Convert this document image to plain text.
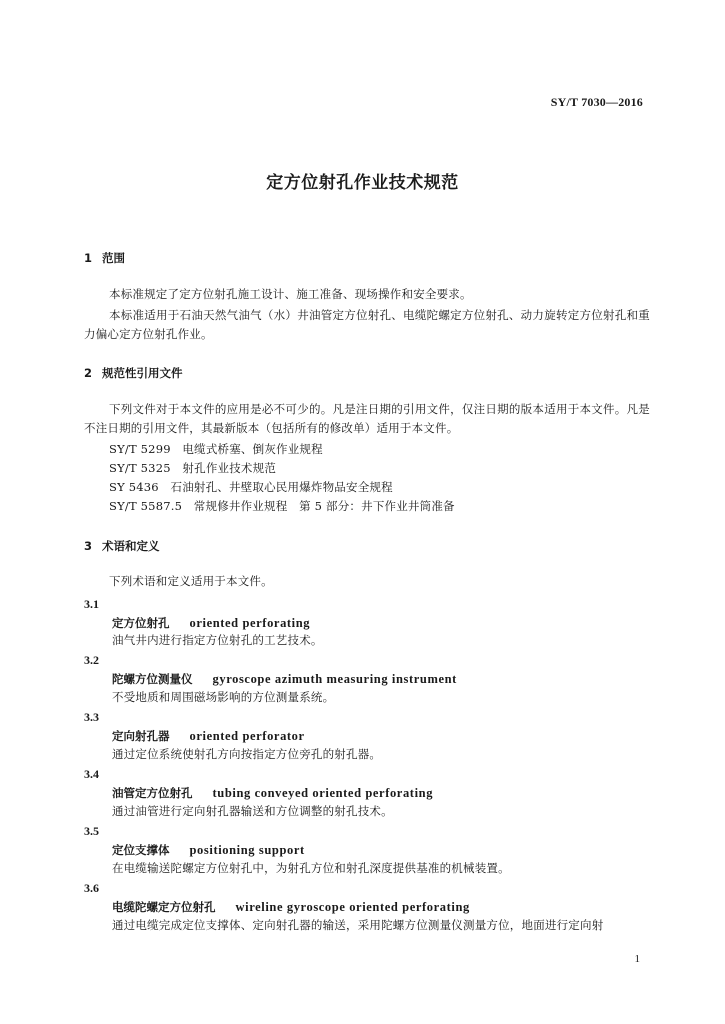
SY/T 7030—2016
定方位射孔作业技术规范
1 范围
本标准规定了定方位射孔施工设计、施工准备、现场操作和安全要求。
本标准适用于石油天然气油气（水）井油管定方位射孔、电缆陀螺定方位射孔、动力旋转定方位射孔和重力偏心定方位射孔作业。
2 规范性引用文件
下列文件对于本文件的应用是必不可少的。凡是注日期的引用文件，仅注日期的版本适用于本文件。凡是不注日期的引用文件，其最新版本（包括所有的修改单）适用于本文件。
SY/T 5299　电缆式桥塞、倒灰作业规程
SY/T 5325　射孔作业技术规范
SY 5436　石油射孔、井壁取心民用爆炸物品安全规程
SY/T 5587.5　常规修井作业规程　第 5 部分：井下作业井筒准备
3 术语和定义
下列术语和定义适用于本文件。
3.1
定方位射孔 oriented perforating
油气井内进行指定方位射孔的工艺技术。
3.2
陀螺方位测量仪 gyroscope azimuth measuring instrument
不受地质和周围磁场影响的方位测量系统。
3.3
定向射孔器 oriented perforator
通过定位系统使射孔方向按指定方位旁孔的射孔器。
3.4
油管定方位射孔 tubing conveyed oriented perforating
通过油管进行定向射孔器输送和方位调整的射孔技术。
3.5
定位支撑体 positioning support
在电缆输送陀螺定方位射孔中，为射孔方位和射孔深度提供基准的机械装置。
3.6
电缆陀螺定方位射孔 wireline gyroscope oriented perforating
通过电缆完成定位支撑体、定向射孔器的输送，采用陀螺方位测量仪测量方位，地面进行定向射
1
